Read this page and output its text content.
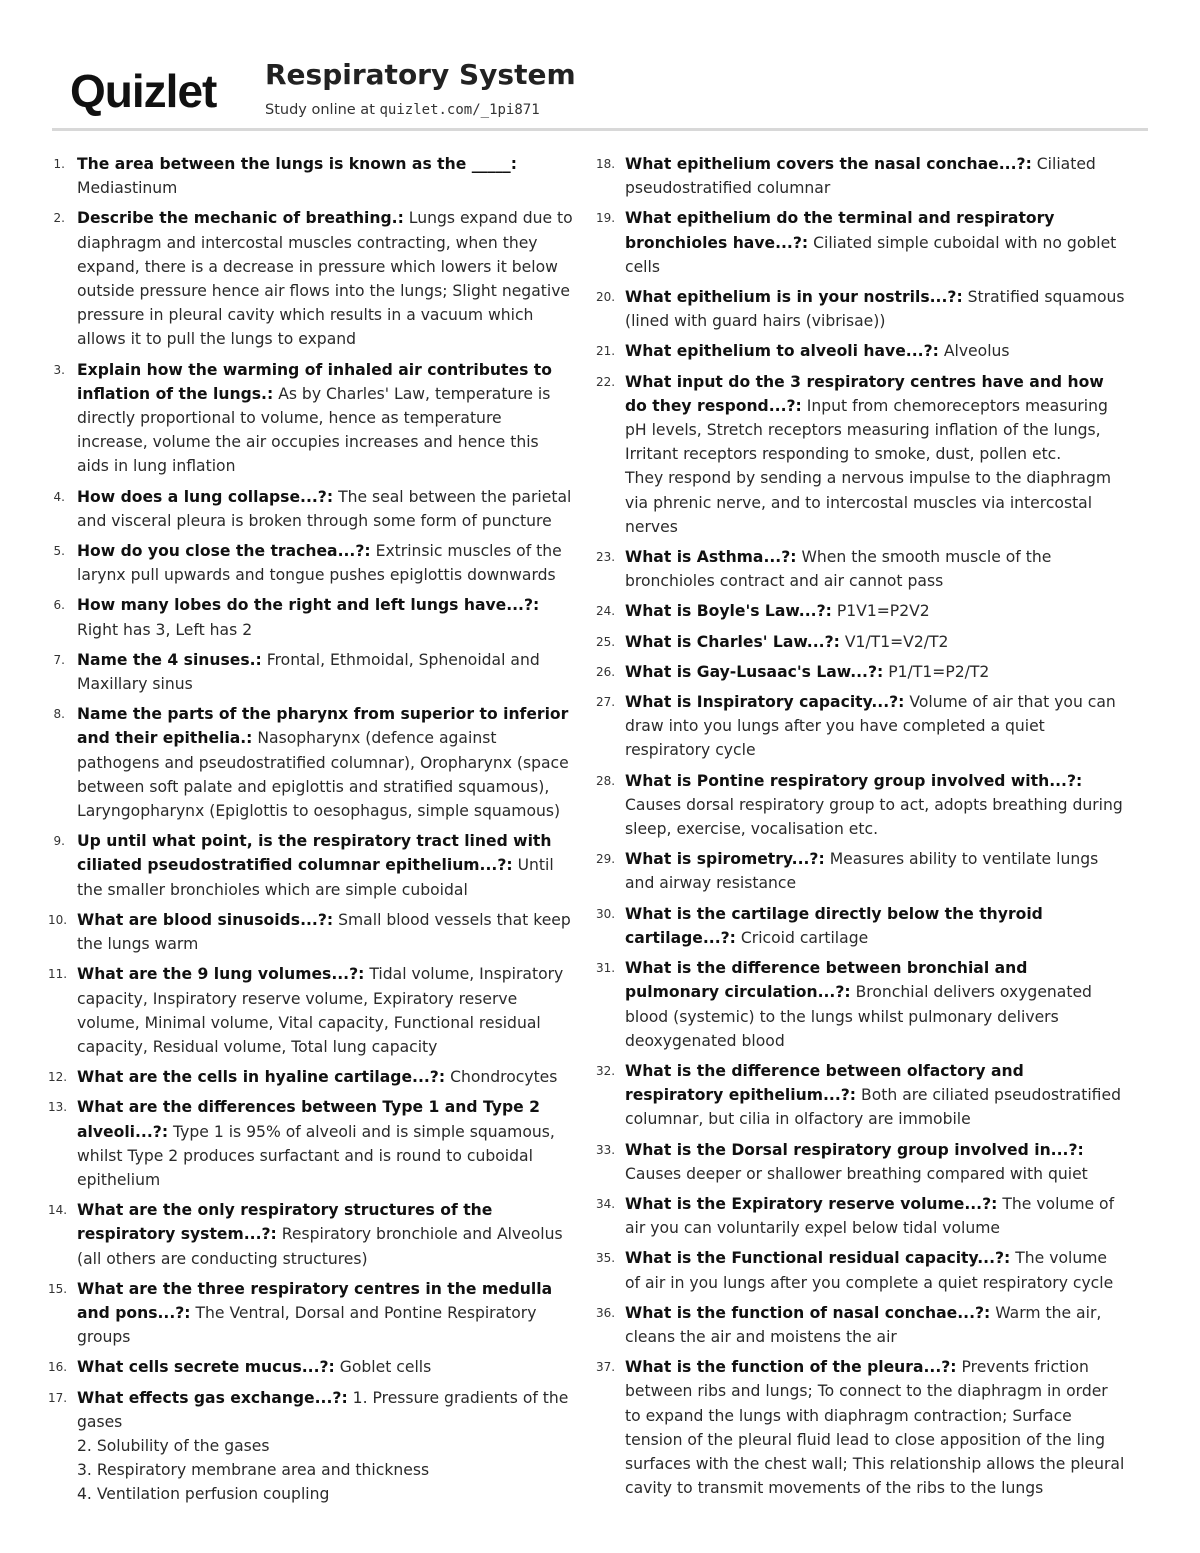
Quizlet Respiratory System
Study online at quizlet.com/_1pi871
1. The area between the lungs is known as the _____: Mediastinum
2. Describe the mechanic of breathing.: Lungs expand due to diaphragm and intercostal muscles contracting, when they expand, there is a decrease in pressure which lowers it below outside pressure hence air flows into the lungs; Slight negative pressure in pleural cavity which results in a vacuum which allows it to pull the lungs to expand
3. Explain how the warming of inhaled air contributes to inflation of the lungs.: As by Charles' Law, temperature is directly proportional to volume, hence as temperature increase, volume the air occupies increases and hence this aids in lung inflation
4. How does a lung collapse...?: The seal between the parietal and visceral pleura is broken through some form of puncture
5. How do you close the trachea...?: Extrinsic muscles of the larynx pull upwards and tongue pushes epiglottis downwards
6. How many lobes do the right and left lungs have...?: Right has 3, Left has 2
7. Name the 4 sinuses.: Frontal, Ethmoidal, Sphenoidal and Maxillary sinus
8. Name the parts of the pharynx from superior to inferior and their epithelia.: Nasopharynx (defence against pathogens and pseudostratified columnar), Oropharynx (space between soft palate and epiglottis and stratified squamous), Laryngopharynx (Epiglottis to oesophagus, simple squamous)
9. Up until what point, is the respiratory tract lined with ciliated pseudostratified columnar epithelium...?: Until the smaller bronchioles which are simple cuboidal
10. What are blood sinusoids...?: Small blood vessels that keep the lungs warm
11. What are the 9 lung volumes...?: Tidal volume, Inspiratory capacity, Inspiratory reserve volume, Expiratory reserve volume, Minimal volume, Vital capacity, Functional residual capacity, Residual volume, Total lung capacity
12. What are the cells in hyaline cartilage...?: Chondrocytes
13. What are the differences between Type 1 and Type 2 alveoli...?: Type 1 is 95% of alveoli and is simple squamous, whilst Type 2 produces surfactant and is round to cuboidal epithelium
14. What are the only respiratory structures of the respiratory system...?: Respiratory bronchiole and Alveolus (all others are conducting structures)
15. What are the three respiratory centres in the medulla and pons...?: The Ventral, Dorsal and Pontine Respiratory groups
16. What cells secrete mucus...?: Goblet cells
17. What effects gas exchange...?: 1. Pressure gradients of the gases
2. Solubility of the gases
3. Respiratory membrane area and thickness
4. Ventilation perfusion coupling
18. What epithelium covers the nasal conchae...?: Ciliated pseudostratified columnar
19. What epithelium do the terminal and respiratory bronchioles have...?: Ciliated simple cuboidal with no goblet cells
20. What epithelium is in your nostrils...?: Stratified squamous (lined with guard hairs (vibrisae))
21. What epithelium to alveoli have...?: Alveolus
22. What input do the 3 respiratory centres have and how do they respond...?: Input from chemoreceptors measuring pH levels, Stretch receptors measuring inflation of the lungs, Irritant receptors responding to smoke, dust, pollen etc.
They respond by sending a nervous impulse to the diaphragm via phrenic nerve, and to intercostal muscles via intercostal nerves
23. What is Asthma...?: When the smooth muscle of the bronchioles contract and air cannot pass
24. What is Boyle's Law...?: P1V1=P2V2
25. What is Charles' Law...?: V1/T1=V2/T2
26. What is Gay-Lusaac's Law...?: P1/T1=P2/T2
27. What is Inspiratory capacity...?: Volume of air that you can draw into you lungs after you have completed a quiet respiratory cycle
28. What is Pontine respiratory group involved with...?: Causes dorsal respiratory group to act, adopts breathing during sleep, exercise, vocalisation etc.
29. What is spirometry...?: Measures ability to ventilate lungs and airway resistance
30. What is the cartilage directly below the thyroid cartilage...?: Cricoid cartilage
31. What is the difference between bronchial and pulmonary circulation...?: Bronchial delivers oxygenated blood (systemic) to the lungs whilst pulmonary delivers deoxygenated blood
32. What is the difference between olfactory and respiratory epithelium...?: Both are ciliated pseudostratified columnar, but cilia in olfactory are immobile
33. What is the Dorsal respiratory group involved in...?: Causes deeper or shallower breathing compared with quiet
34. What is the Expiratory reserve volume...?: The volume of air you can voluntarily expel below tidal volume
35. What is the Functional residual capacity...?: The volume of air in you lungs after you complete a quiet respiratory cycle
36. What is the function of nasal conchae...?: Warm the air, cleans the air and moistens the air
37. What is the function of the pleura...?: Prevents friction between ribs and lungs; To connect to the diaphragm in order to expand the lungs with diaphragm contraction; Surface tension of the pleural fluid lead to close apposition of the ling surfaces with the chest wall; This relationship allows the pleural cavity to transmit movements of the ribs to the lungs
